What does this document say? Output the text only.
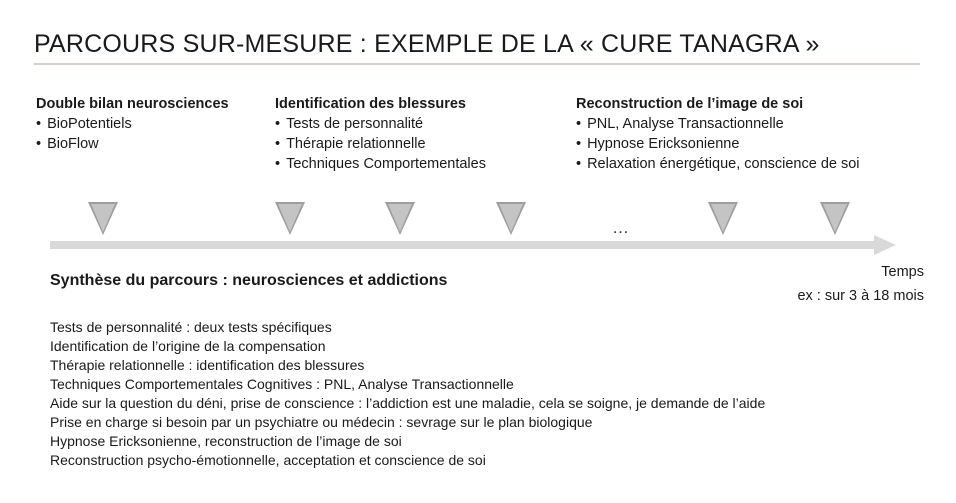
PARCOURS SUR-MESURE : EXEMPLE DE LA « CURE TANAGRA »
Double bilan neurosciences
• BioPotentiels
• BioFlow
Identification des blessures
• Tests de personnalité
• Thérapie relationnelle
• Techniques Comportementales
Reconstruction de l’image de soi
• PNL, Analyse Transactionnelle
• Hypnose Ericksonienne
• Relaxation énergétique, conscience de soi
…
Temps
ex : sur 3 à 18 mois
Synthèse du parcours : neurosciences et addictions
Tests de personnalité : deux tests spécifiques
Identification de l’origine de la compensation
Thérapie relationnelle : identification des blessures
Techniques Comportementales Cognitives : PNL, Analyse Transactionnelle
Aide sur la question du déni, prise de conscience : l’addiction est une maladie, cela se soigne, je demande de l’aide
Prise en charge si besoin par un psychiatre ou médecin : sevrage sur le plan biologique
Hypnose Ericksonienne, reconstruction de l’image de soi
Reconstruction psycho-émotionnelle, acceptation et conscience de soi
